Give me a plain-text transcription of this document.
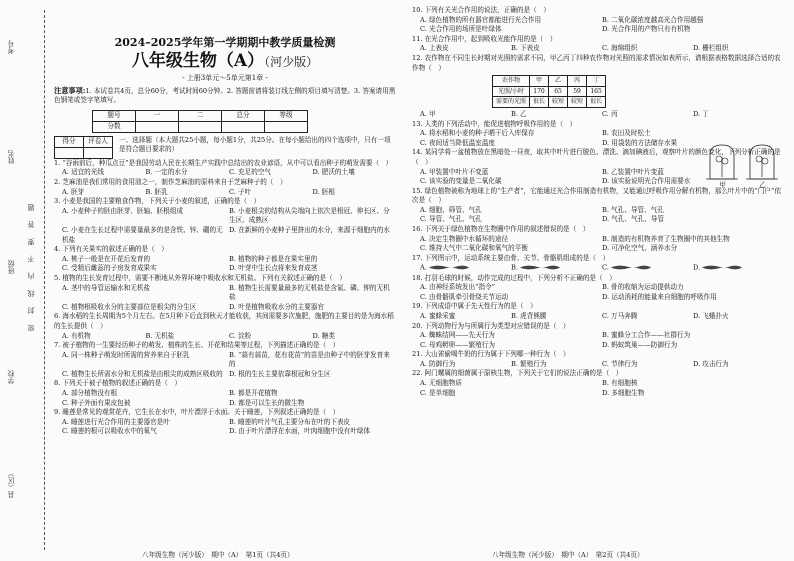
考号
姓名
班级
学校
县（区）
密 封 线 内 不 要 答 题
2024–2025学年第一学期期中教学质量检测
八年级生物（A）（河少版）
- 上册3单元～5单元第1章 -
注意事项:1. 本试卷共4页，总分60分，考试时间60分钟。2. 答题前请将装订线左侧的项目填写清楚。3. 答案请用黑色钢笔或签字笔填写。
题号	一	二	总分	等级
分数				
得分	评卷人
	一、选择题（本大题共25小题，每小题1分，共25分。在每小题给出的四个选项中，只有一项是符合题目要求的）
1. “谷雨前后，种瓜点豆”是我国劳动人民在长期生产实践中总结出的农业谚语，从中可以看出种子的萌发需要（　）
A. 适宜的光线	B. 一定的水分	C. 充足的空气	D. 肥沃的土壤
2. 芝麻油是我们常用的食用油之一，制作芝麻油的原料来自于芝麻种子的（　）
A. 胚芽	B. 胚乳	C. 子叶	D. 胚根
3. 小麦是我国的主要粮食作物，下列关于小麦的叙述，正确的是（　）
A. 小麦种子的胚由胚芽、胚轴、胚根组成	B. 小麦根尖的结构从尖端向上依次是根冠、伸长区、分生区、成熟区
C. 小麦在生长过程中需要量最多的是含铁、锌、硼的无机盐
D. 在新鲜的小麦种子里挤出的水分，来源于细胞内的水
4. 下列有关果实的叙述正确的是（　）
A. 桃子一般是在开花后发育的	B. 植物的种子都是在果实里的
C. 受精后雌蕊的子房发育成果实	D. 叶芽中生长点将来发育成茎
5. 植物的生长发育过程中，需要不断地从外界环境中吸收水和无机盐。下列有关叙述正确的是（　）
A. 茎中的导管运输水和无机盐	B. 植物生长需要量最多的无机盐是含氮、磷、钾的无机盐
C. 植物根吸收水分的主要部位是根尖的分生区	D. 叶是植物吸收水分的主要器官
6. 海水稻的生长周期为5个月左右。在5月种下后直到秋天才能收获，其间需要多次施肥，施肥的主要目的是为海水稻的生长提供（　）
A. 有机物	B. 无机盐	C. 淀粉	D. 糖类
7. 被子植物的一生要经历种子的萌发、植株的生长、开花和结果等过程，下列描述正确的是（　）
A. 同一株种子萌发时所需的营养来自于胚乳	B. “蒜有蒜苗，花有花苗”的苗是由种子中的胚芽发育来的
C. 植物生长所需水分和无机盐是由根尖的成熟区吸收的 D. 根的生长主要依靠根冠和分生区
8. 下列关于被子植物的叙述正确的是（　）
A. 部分植物没有根	B. 都是开花植物
C. 种子外面有果皮包被	D. 都是可以生长的微生物
9. 睡莲是常见的观赏花卉，它生长在水中，叶片漂浮于水面。关于睡莲，下列叙述正确的是（　）
A. 睡莲进行光合作用的主要器官是叶	B. 睡莲的叶片气孔主要分布在叶的下表皮
C. 睡莲的根可以吸收水中的氧气	D. 由于叶片漂浮在水面，叶肉细胞中没有叶绿体
八年级生物（河少版）　期中（A）　第1页（共4页）
10. 下列有关光合作用的说法，正确的是（　）
A. 绿色植物的所有器官都能进行光合作用	B. 二氧化碳浓度越高光合作用越强
C. 光合作用的场所是叶绿体	D. 光合作用的产物只有有机物
11. 在光合作用中，起到吸收光能作用的是（　）
A. 上表皮	B. 下表皮	C. 海绵组织	D. 栅栏组织
12. 农作物在不同生长时期对光照的需求不同，甲乙丙丁四种农作物对光照的需求情况如表所示，请根据表格数据选择合适的农作物（　）
农作物	甲	乙	丙	丁
光照/小时	170	65	59	165
需要的光照	很长	较短	较短	很长
A. 甲	B. 乙	C. 丙	D. 丁
13. 人类的下列活动中，能促进植物呼吸作用的是（　）
A. 将水稻和小麦的种子晒干后入库保存	B. 农田及时松土
C. 夜间适当降低温室温度	D. 用袋装的方法储存水果
14. 某同学将一盆植物放在黑暗处一昼夜，取其中叶片进行脱色、漂洗、滴加碘液后，观察叶片的颜色变化，下列分析正确的是（　）
A. 甲装置中叶片不变蓝	B. 乙装置中叶片变蓝
C. 该实验的变量是二氧化碳	D. 该实验说明光合作用需要水	甲	乙
15. 绿色植物被称为地球上的“生产者”，它能通过光合作用制造有机物，又能通过呼吸作用分解有机物，那么叶片中的“门户”依次是（　）
A. 细胞、筛管、气孔	B. 气孔、导管、气孔
C. 导管、气孔、气孔	D. 气孔、气孔、导管
16. 下列关于绿色植物在生物圈中作用的叙述错误的是（　）
A. 决定生物圈中水循环的途径	B. 制造的有机物养育了生物圈中的其他生物
C. 维持大气中二氧化碳和氧气的平衡	D. 可净化空气、涵养水分
17. 下列图示中，运动系统主要由骨、关节、骨骼肌组成的是（　）
A.	B.	C.	D.
18. 打羽毛球的时候，动作完成的过程中，下列分析不正确的是（　）
A. 由神经系统发出“指令”	B. 骨的收缩为运动提供动力
C. 由骨骼肌牵引骨绕关节运动	D. 运动消耗的能量来自细胞的呼吸作用
19. 下列成语中属于先天性行为的是（　）
A. 蜜蜂采蜜	B. 虎背熊腰	C. 万马奔腾	D. 飞蛾扑火
20. 下列动物行为与所属行为类型对应错误的是（　）
A. 蜘蛛结网——先天行为	B. 蜜蜂分工合作——社群行为
C. 母鸡孵卵——繁殖行为	D. 蚂蚁筑巢——防御行为
21. 大山雀偷喝牛奶的行为属于下列哪一种行为（　）
A. 防御行为	B. 繁殖行为	C. 节律行为	D. 攻击行为
22. 阿门螺属的细菌属于原核生物，下列关于它们的说法正确的是（　）
A. 无细胞物质	B. 有细胞核
C. 是单细胞	D. 多细胞生物
八年级生物（河少版）　期中（A）　第2页（共4页）
